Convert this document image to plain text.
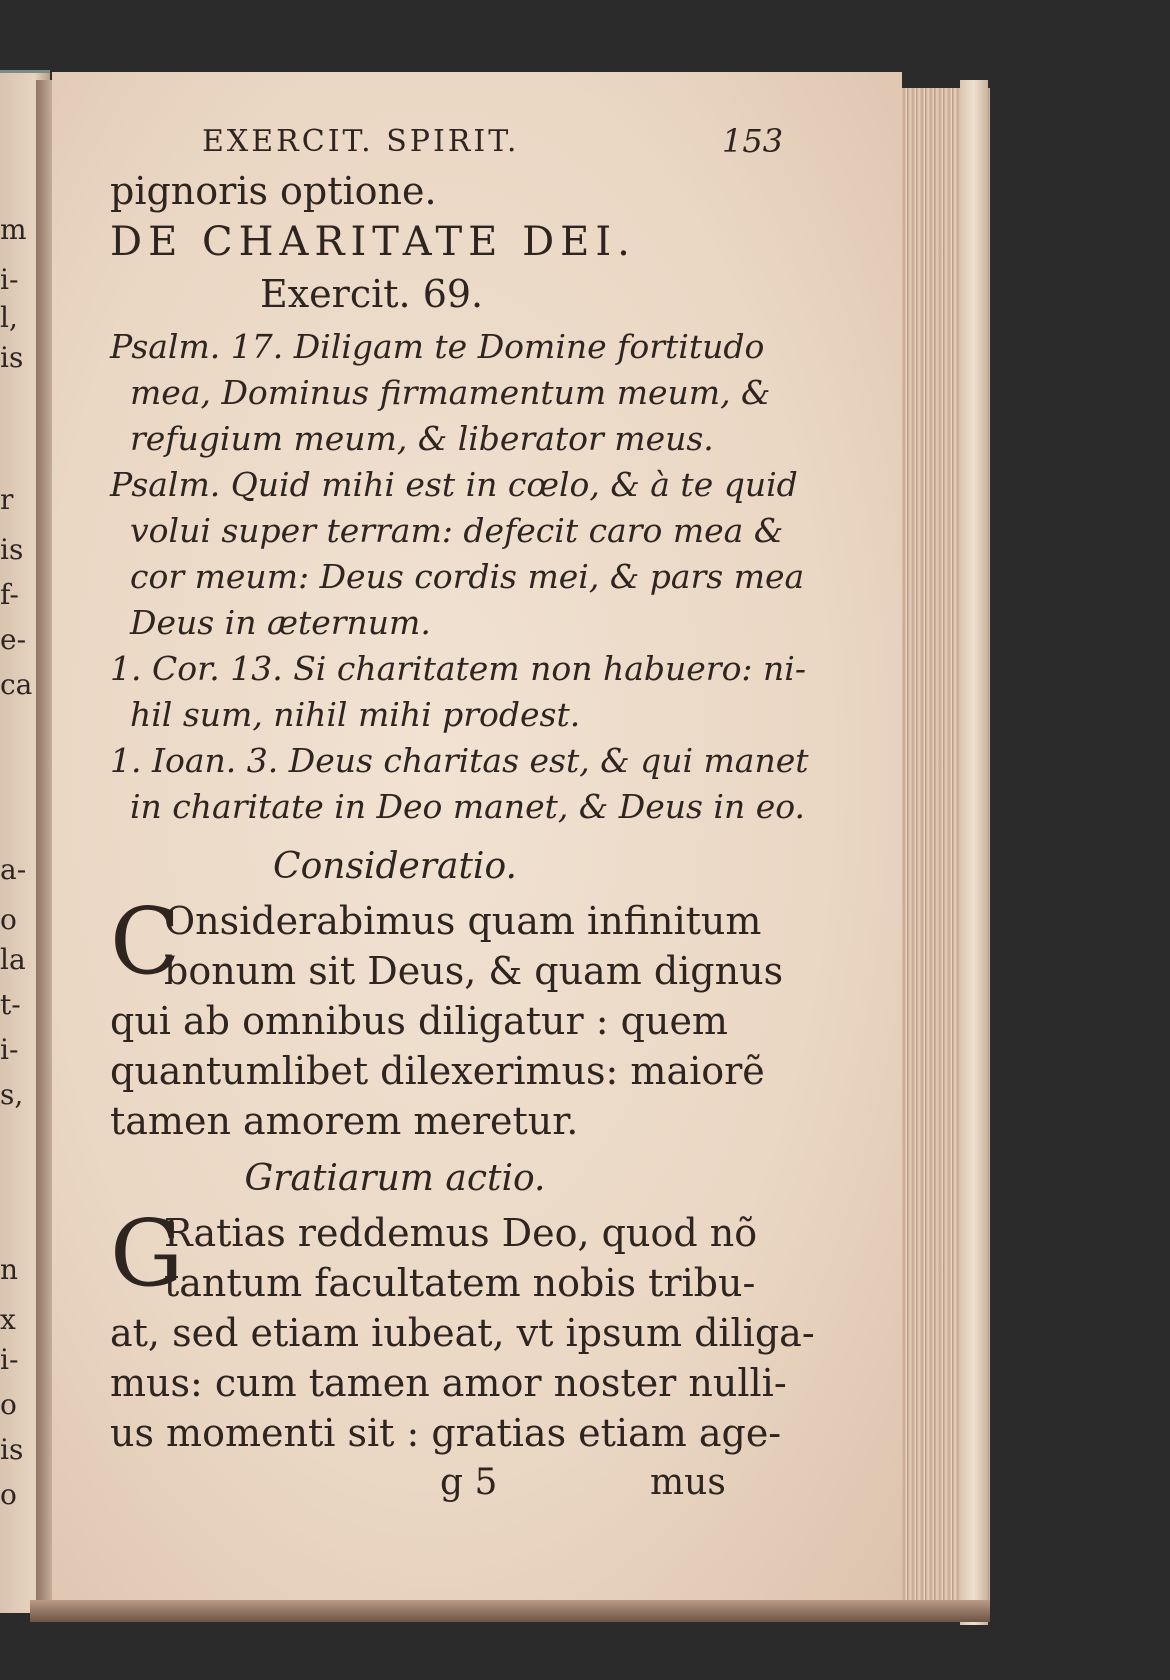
m
i-
l,
is
r
is
f-
e-
ca
a-
o
la
t-
i-
s,
n
x
i-
o
is
o
EXERCIT. SPIRIT.	153
pignoris optione.
DE CHARITATE DEI.
Exercit. 69.
Psalm. 17. Diligam te Domine fortitudo
mea, Dominus firmamentum meum, &
refugium meum, & liberator meus.
Psalm. Quid mihi est in cœlo, & à te quid
volui super terram: defecit caro mea &
cor meum: Deus cordis mei, & pars mea
Deus in æternum.
1. Cor. 13. Si charitatem non habuero: ni-
hil sum, nihil mihi prodest.
1. Ioan. 3. Deus charitas est, & qui manet
in charitate in Deo manet, & Deus in eo.
Consideratio.
C
Onsiderabimus quam infinitum
bonum sit Deus, & quam dignus
qui ab omnibus diligatur : quem
quantumlibet dilexerimus: maiorẽ
tamen amorem meretur.
Gratiarum actio.
G
Ratias reddemus Deo, quod nõ
tantum facultatem nobis tribu-
at, sed etiam iubeat, vt ipsum diliga-
mus: cum tamen amor noster nulli-
us momenti sit : gratias etiam age-
g 5	mus
